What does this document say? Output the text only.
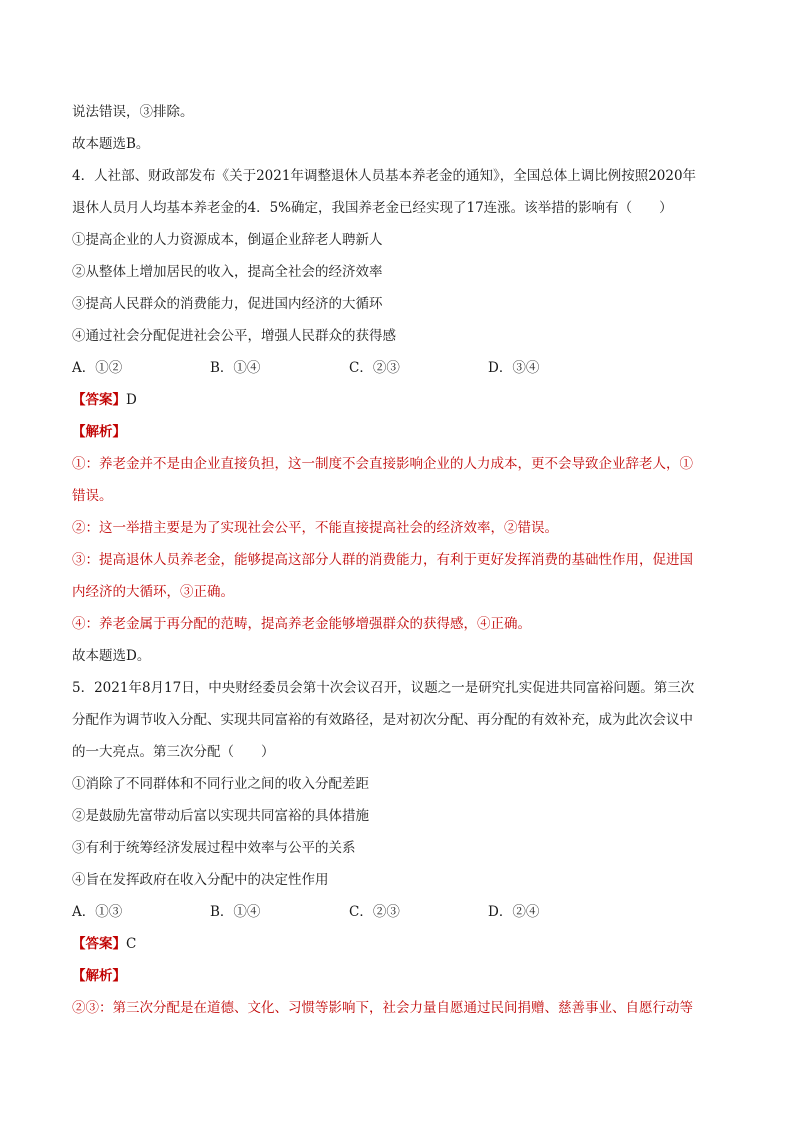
说法错误，③排除。
故本题选B。
4．人社部、财政部发布《关于2021年调整退休人员基本养老金的通知》，全国总体上调比例按照2020年
退休人员月人均基本养老金的4．5%确定，我国养老金已经实现了17连涨。该举措的影响有（　　）
①提高企业的人力资源成本，倒逼企业辞老人聘新人
②从整体上增加居民的收入，提高全社会的经济效率
③提高人民群众的消费能力，促进国内经济的大循环
④通过社会分配促进社会公平，增强人民群众的获得感
A．①②	B．①④	C．②③	D．③④
【答案】D
【解析】
①：养老金并不是由企业直接负担，这一制度不会直接影响企业的人力成本，更不会导致企业辞老人，①
错误。
②：这一举措主要是为了实现社会公平，不能直接提高社会的经济效率，②错误。
③：提高退休人员养老金，能够提高这部分人群的消费能力，有利于更好发挥消费的基础性作用，促进国
内经济的大循环，③正确。
④：养老金属于再分配的范畴，提高养老金能够增强群众的获得感，④正确。
故本题选D。
5．2021年8月17日，中央财经委员会第十次会议召开，议题之一是研究扎实促进共同富裕问题。第三次
分配作为调节收入分配、实现共同富裕的有效路径，是对初次分配、再分配的有效补充，成为此次会议中
的一大亮点。第三次分配（　　）
①消除了不同群体和不同行业之间的收入分配差距
②是鼓励先富带动后富以实现共同富裕的具体措施
③有利于统筹经济发展过程中效率与公平的关系
④旨在发挥政府在收入分配中的决定性作用
A．①③	B．①④	C．②③	D．②④
【答案】C
【解析】
②③：第三次分配是在道德、文化、习惯等影响下，社会力量自愿通过民间捐赠、慈善事业、自愿行动等
